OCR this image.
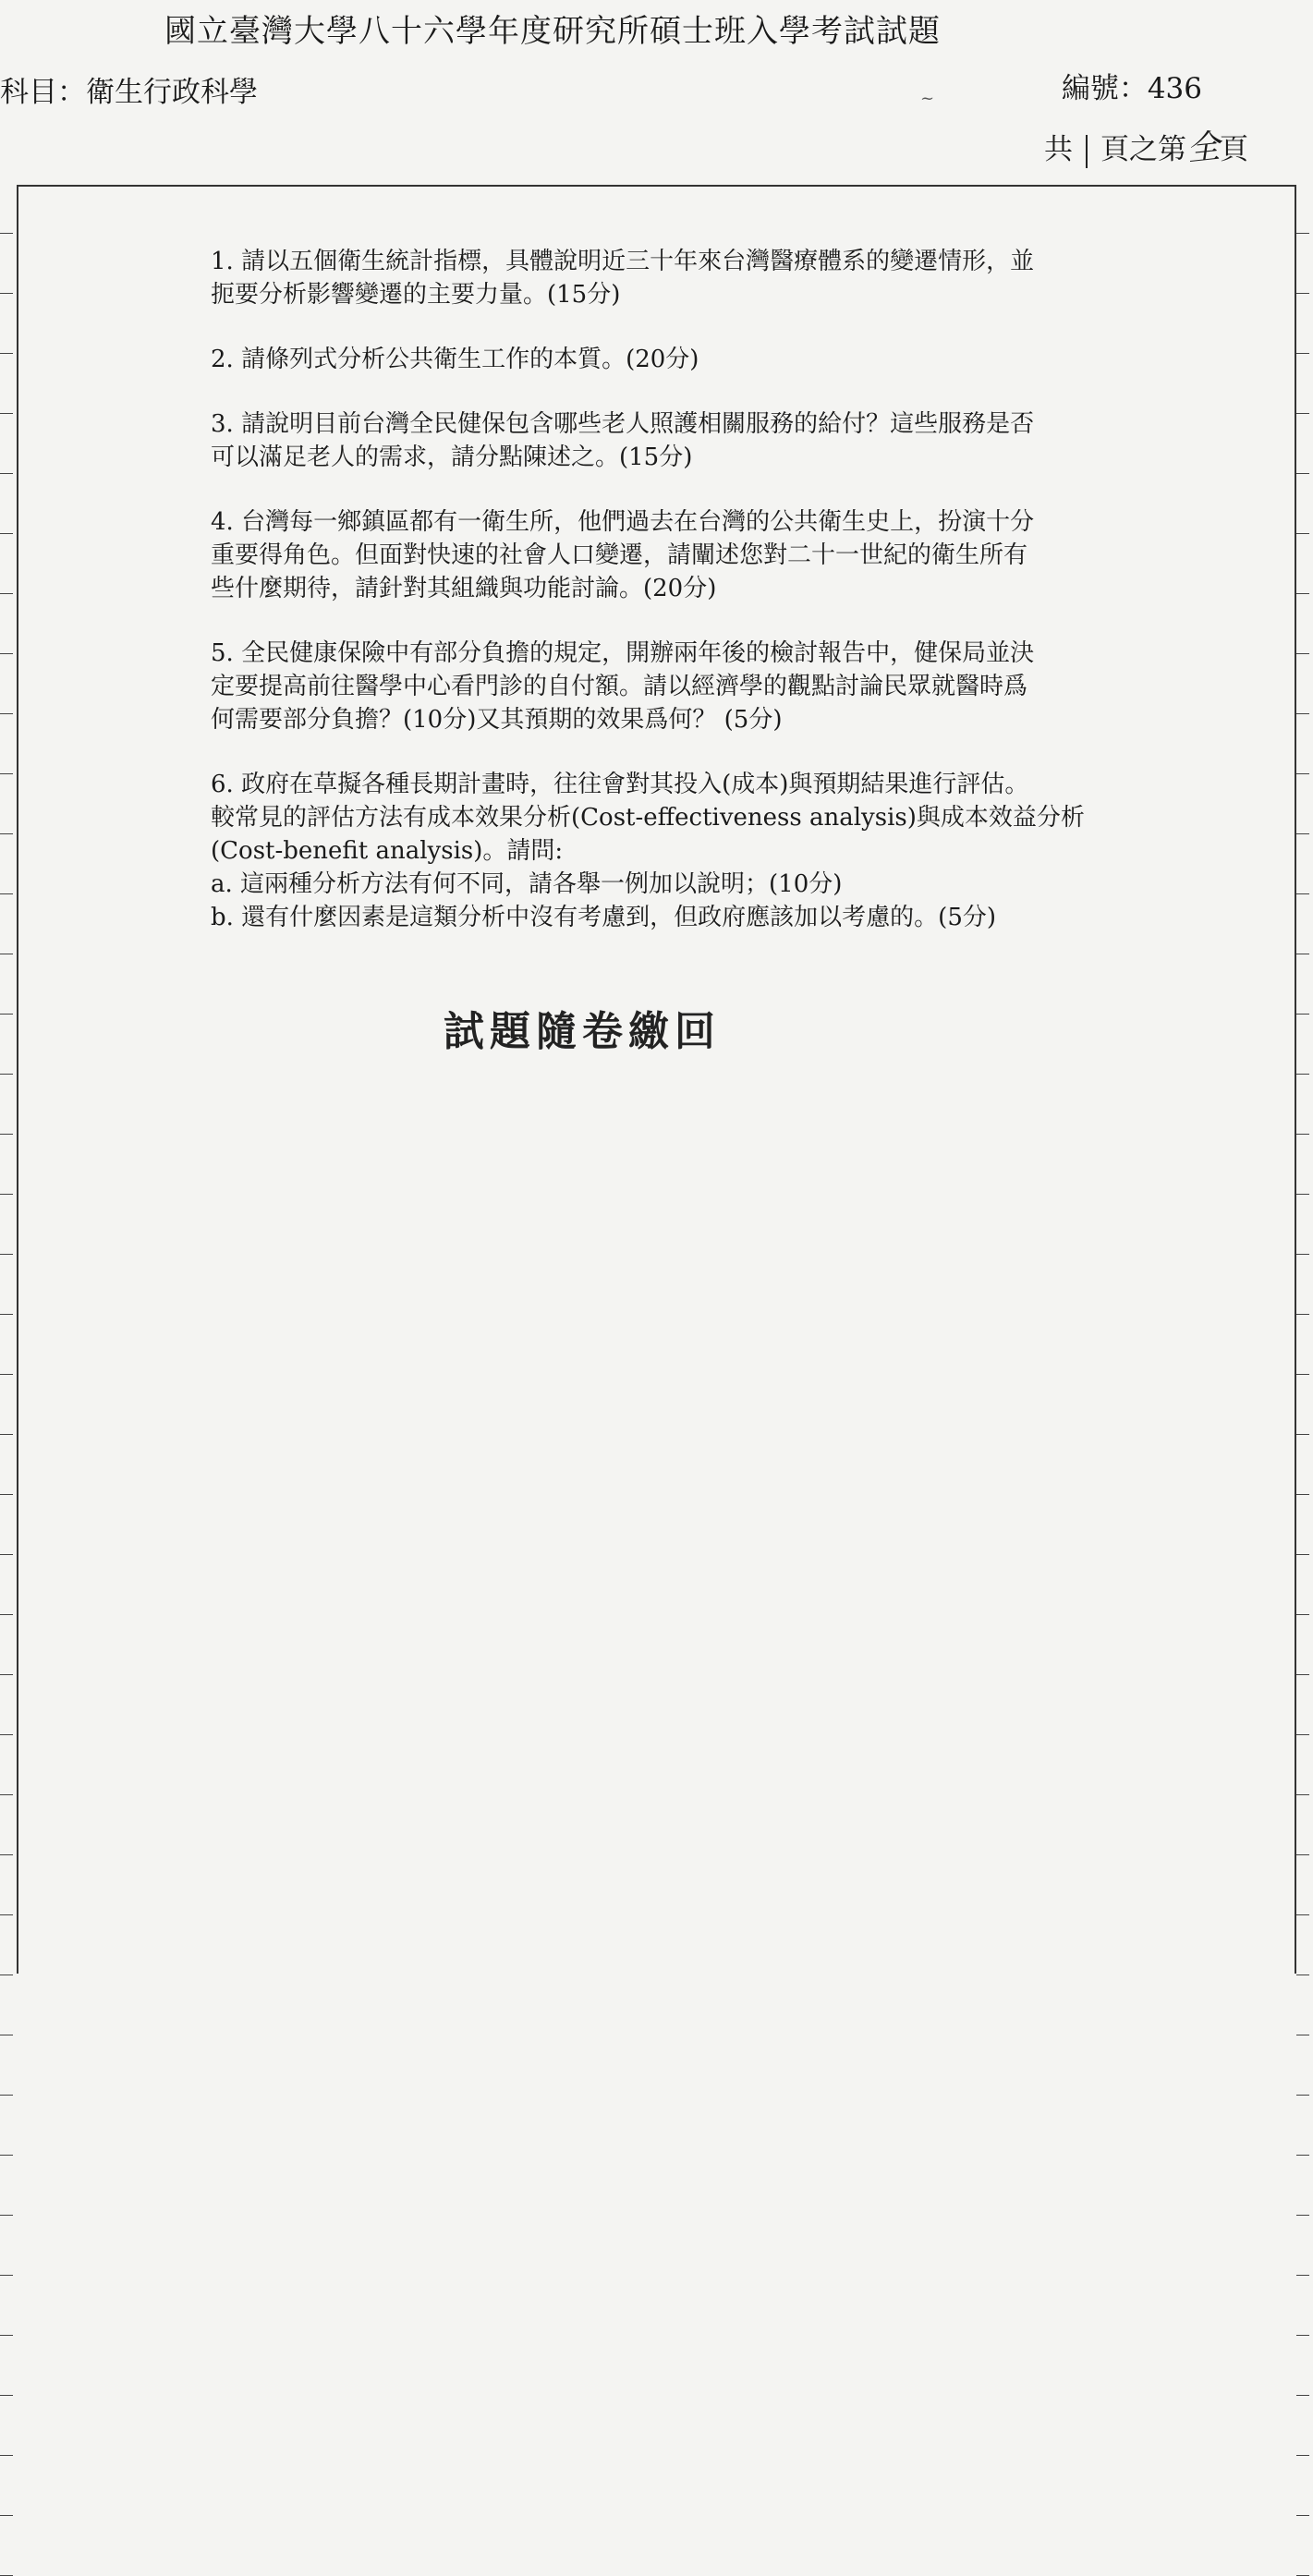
國立臺灣大學八十六學年度研究所碩士班入學考試試題
科目：衛生行政科學	編號：436
~
共 頁之第全頁

1. 請以五個衛生統計指標，具體說明近三十年來台灣醫療體系的變遷情形，並

扼要分析影響變遷的主要力量。(15分)

2. 請條列式分析公共衛生工作的本質。(20分)

3. 請說明目前台灣全民健保包含哪些老人照護相關服務的給付？這些服務是否

可以滿足老人的需求，請分點陳述之。(15分)

4. 台灣每一鄉鎮區都有一衛生所，他們過去在台灣的公共衛生史上，扮演十分

重要得角色。但面對快速的社會人口變遷，請闡述您對二十一世紀的衛生所有

些什麼期待，請針對其組織與功能討論。(20分)

5. 全民健康保險中有部分負擔的規定，開辦兩年後的檢討報告中，健保局並決

定要提高前往醫學中心看門診的自付額。請以經濟學的觀點討論民眾就醫時爲

何需要部分負擔？(10分)又其預期的效果爲何？ (5分)

6. 政府在草擬各種長期計畫時，往往會對其投入(成本)與預期結果進行評估。

較常見的評估方法有成本效果分析(Cost-effectiveness analysis)與成本效益分析

(Cost-benefit analysis)。請問:

a. 這兩種分析方法有何不同，請各舉一例加以說明；(10分)

b. 還有什麼因素是這類分析中沒有考慮到，但政府應該加以考慮的。(5分)

試題隨卷繳回
